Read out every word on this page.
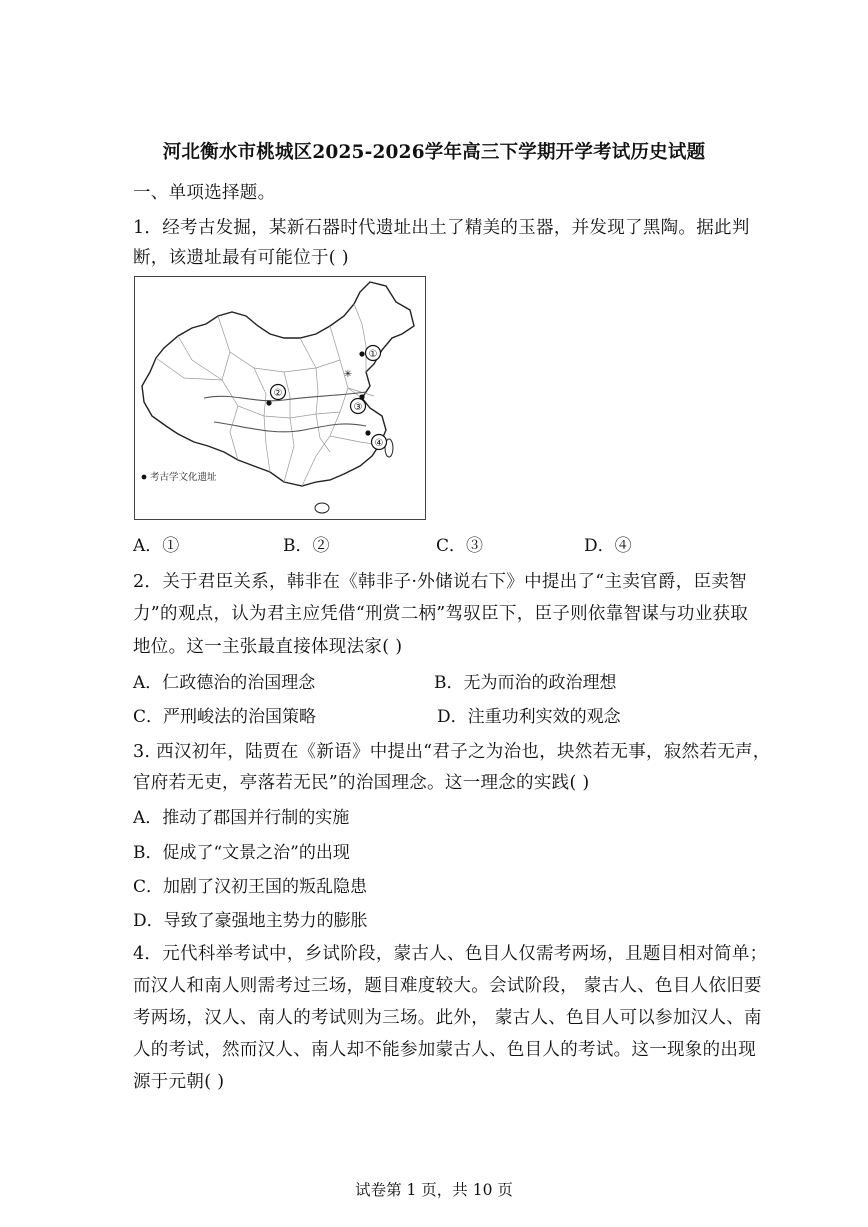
河北衡水市桃城区2025-2026学年高三下学期开学考试历史试题
一、单项选择题。
1．经考古发掘，某新石器时代遗址出土了精美的玉器，并发现了黑陶。据此判
断，该遗址最有可能位于( )
✳
①
②
③
④
考古学文化遗址
A．①	B．②	C．③	D．④
2．关于君臣关系，韩非在《韩非子·外储说右下》中提出了“主卖官爵，臣卖智
力”的观点，认为君主应凭借“刑赏二柄”驾驭臣下，臣子则依靠智谋与功业获取
地位。这一主张最直接体现法家( )
A．仁政德治的治国理念	B．无为而治的政治理想
C．严刑峻法的治国策略	D．注重功利实效的观念
3. 西汉初年，陆贾在《新语》中提出“君子之为治也，块然若无事，寂然若无声，
官府若无吏，亭落若无民”的治国理念。这一理念的实践( )
A．推动了郡国并行制的实施
B．促成了“文景之治”的出现
C．加剧了汉初王国的叛乱隐患
D．导致了豪强地主势力的膨胀
4．元代科举考试中，乡试阶段，蒙古人、色目人仅需考两场，且题目相对简单；
而汉人和南人则需考过三场，题目难度较大。会试阶段， 蒙古人、色目人依旧要
考两场，汉人、南人的考试则为三场。此外， 蒙古人、色目人可以参加汉人、南
人的考试，然而汉人、南人却不能参加蒙古人、色目人的考试。这一现象的出现
源于元朝( )
试卷第 1 页，共 10 页
